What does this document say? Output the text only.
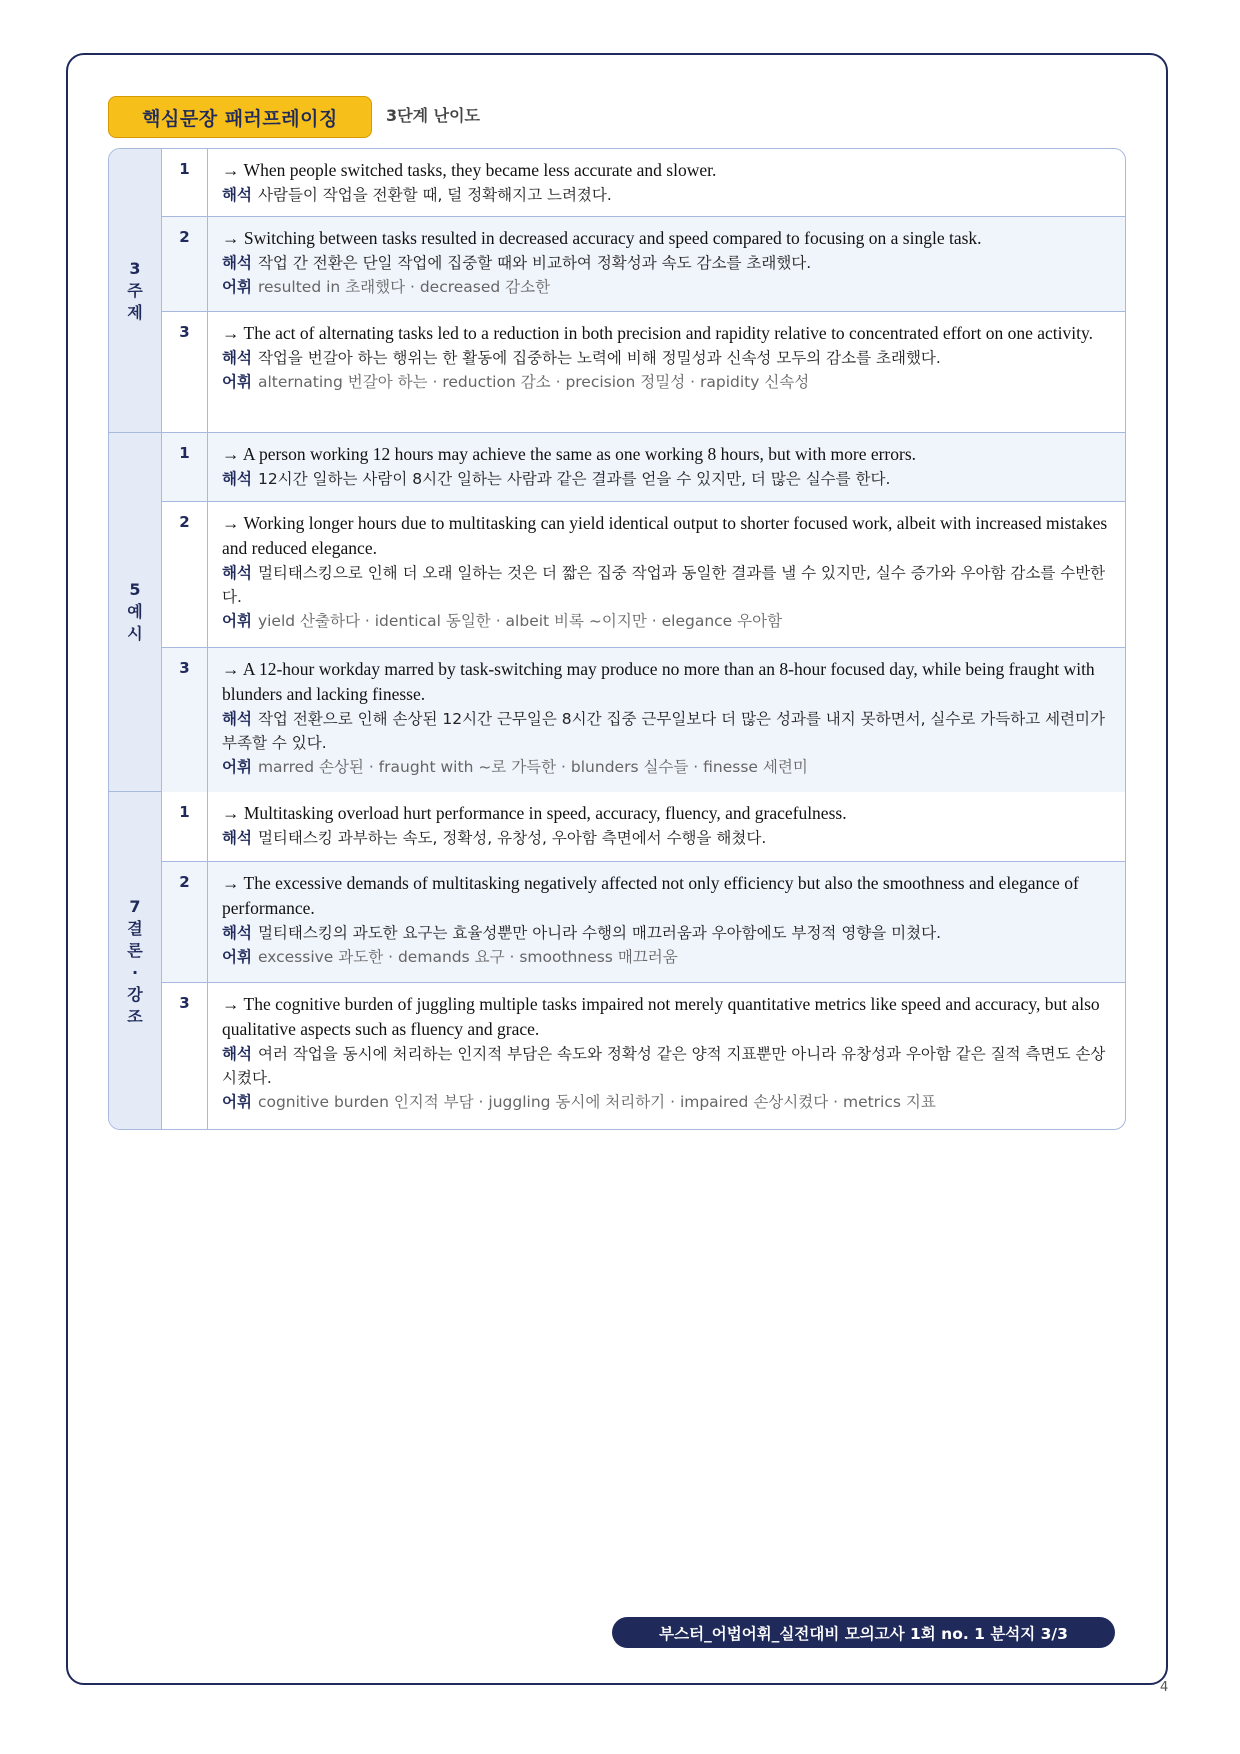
핵심문장 패러프레이징	3단계 난이도
3 주 제
1	→ When people switched tasks, they became less accurate and slower.
해석 사람들이 작업을 전환할 때, 덜 정확해지고 느려졌다.
2	→ Switching between tasks resulted in decreased accuracy and speed compared to focusing on a single task.
해석 작업 간 전환은 단일 작업에 집중할 때와 비교하여 정확성과 속도 감소를 초래했다.
어휘 resulted in 초래했다 · decreased 감소한
3	→ The act of alternating tasks led to a reduction in both precision and rapidity relative to concentrated effort on one activity.
해석 작업을 번갈아 하는 행위는 한 활동에 집중하는 노력에 비해 정밀성과 신속성 모두의 감소를 초래했다.
어휘 alternating 번갈아 하는 · reduction 감소 · precision 정밀성 · rapidity 신속성
5 예 시
1	→ A person working 12 hours may achieve the same as one working 8 hours, but with more errors.
해석 12시간 일하는 사람이 8시간 일하는 사람과 같은 결과를 얻을 수 있지만, 더 많은 실수를 한다.
2	→ Working longer hours due to multitasking can yield identical output to shorter focused work, albeit with increased mistakes and reduced elegance.
해석 멀티태스킹으로 인해 더 오래 일하는 것은 더 짧은 집중 작업과 동일한 결과를 낼 수 있지만, 실수 증가와 우아함 감소를 수반한다.
어휘 yield 산출하다 · identical 동일한 · albeit 비록 ~이지만 · elegance 우아함
3	→ A 12-hour workday marred by task-switching may produce no more than an 8-hour focused day, while being fraught with blunders and lacking finesse.
해석 작업 전환으로 인해 손상된 12시간 근무일은 8시간 집중 근무일보다 더 많은 성과를 내지 못하면서, 실수로 가득하고 세련미가 부족할 수 있다.
어휘 marred 손상된 · fraught with ~로 가득한 · blunders 실수들 · finesse 세련미
7 결 론· 강 조
1	→ Multitasking overload hurt performance in speed, accuracy, fluency, and gracefulness.
해석 멀티태스킹 과부하는 속도, 정확성, 유창성, 우아함 측면에서 수행을 해쳤다.
2	→ The excessive demands of multitasking negatively affected not only efficiency but also the smoothness and elegance of performance.
해석 멀티태스킹의 과도한 요구는 효율성뿐만 아니라 수행의 매끄러움과 우아함에도 부정적 영향을 미쳤다.
어휘 excessive 과도한 · demands 요구 · smoothness 매끄러움
3	→ The cognitive burden of juggling multiple tasks impaired not merely quantitative metrics like speed and accuracy, but also qualitative aspects such as fluency and grace.
해석 여러 작업을 동시에 처리하는 인지적 부담은 속도와 정확성 같은 양적 지표뿐만 아니라 유창성과 우아함 같은 질적 측면도 손상시켰다.
어휘 cognitive burden 인지적 부담 · juggling 동시에 처리하기 · impaired 손상시켰다 · metrics 지표
부스터_어법어휘_실전대비 모의고사 1회 no. 1 분석지 3/3
4
